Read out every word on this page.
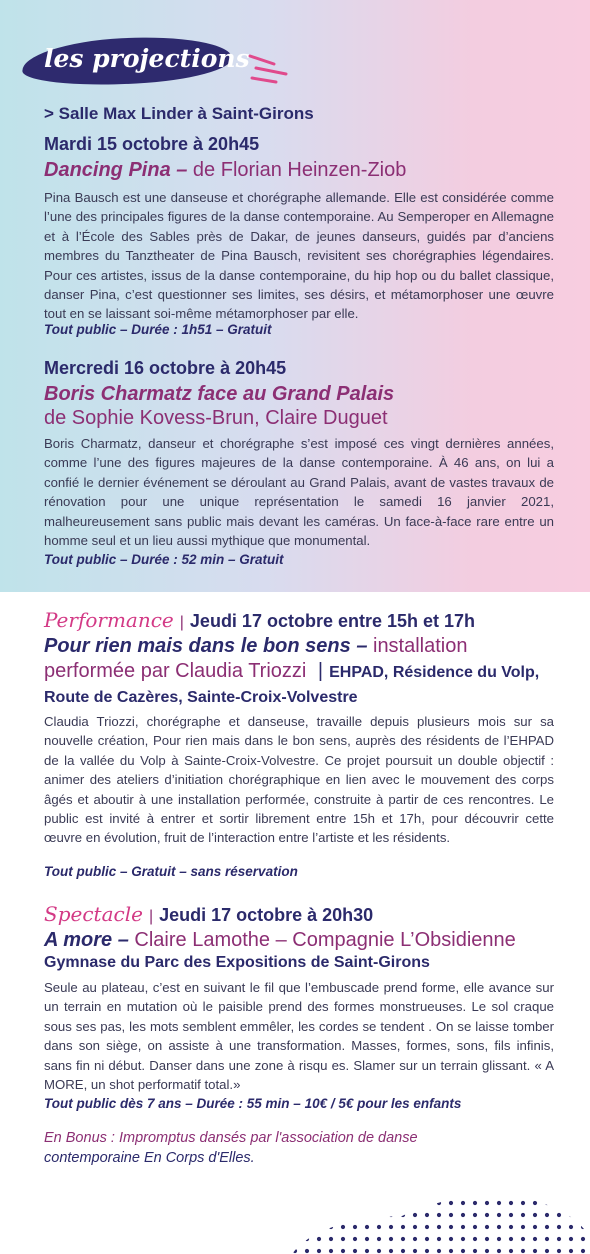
les projections
> Salle Max Linder à Saint-Girons
Mardi 15 octobre à 20h45
Dancing Pina – de Florian Heinzen-Ziob
Pina Bausch est une danseuse et chorégraphe allemande. Elle est considérée comme l’une des principales figures de la danse contemporaine. Au Semperoper en Allemagne et à l’École des Sables près de Dakar, de jeunes danseurs, guidés par d’anciens membres du Tanztheater de Pina Bausch, revisitent ses chorégraphies légendaires. Pour ces artistes, issus de la danse contemporaine, du hip hop ou du ballet classique, danser Pina, c’est questionner ses limites, ses désirs, et métamorphoser une œuvre tout en se laissant soi-même métamorphoser par elle.
Tout public – Durée : 1h51 – Gratuit
Mercredi 16 octobre à 20h45
Boris Charmatz face au Grand Palais
de Sophie Kovess-Brun, Claire Duguet
Boris Charmatz, danseur et chorégraphe s’est imposé ces vingt dernières années, comme l’une des figures majeures de la danse contemporaine. À 46 ans, on lui a confié le dernier événement se déroulant au Grand Palais, avant de vastes travaux de rénovation pour une unique représentation le samedi 16 janvier 2021, malheureusement sans public mais devant les caméras. Un face-à-face rare entre un homme seul et un lieu aussi mythique que monumental.
Tout public – Durée : 52 min – Gratuit
Performance | Jeudi 17 octobre entre 15h et 17h
Pour rien mais dans le bon sens – installation performée par Claudia Triozzi | EHPAD, Résidence du Volp, Route de Cazères, Sainte-Croix-Volvestre
Claudia Triozzi, chorégraphe et danseuse, travaille depuis plusieurs mois sur sa nouvelle création, Pour rien mais dans le bon sens, auprès des résidents de l’EHPAD de la vallée du Volp à Sainte-Croix-Volvestre. Ce projet poursuit un double objectif : animer des ateliers d’initiation chorégraphique en lien avec le mouvement des corps âgés et aboutir à une installation performée, construite à partir de ces rencontres. Le public est invité à entrer et sortir librement entre 15h et 17h, pour découvrir cette œuvre en évolution, fruit de l’interaction entre l’artiste et les résidents.
Tout public – Gratuit – sans réservation
Spectacle | Jeudi 17 octobre à 20h30
A more – Claire Lamothe – Compagnie L’Obsidienne
Gymnase du Parc des Expositions de Saint-Girons
Seule au plateau, c’est en suivant le fil que l’embuscade prend forme, elle avance sur un terrain en mutation où le paisible prend des formes monstrueuses. Le sol craque sous ses pas, les mots semblent emmêler, les cordes se tendent . On se laisse tomber dans son siège, on assiste à une transformation. Masses, formes, sons, fils infinis, sans fin ni début. Danser dans une zone à risqu es. Slamer sur un terrain glissant. « A MORE, un shot performatif total.»
Tout public dès 7 ans – Durée : 55 min – 10€ / 5€ pour les enfants
En Bonus : Impromptus dansés par l'association de danse
contemporaine En Corps d'Elles.
